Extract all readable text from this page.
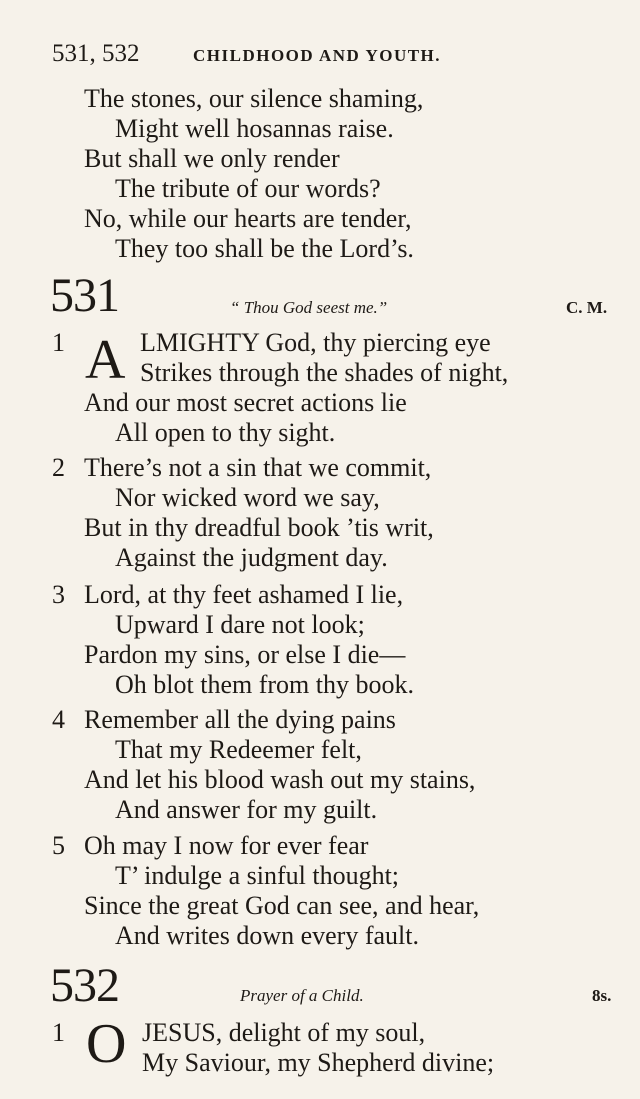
531, 532	CHILDHOOD AND YOUTH.
The stones, our silence shaming,
Might well hosannas raise.
But shall we only render
The tribute of our words?
No, while our hearts are tender,
They too shall be the Lord’s.
531	“ Thou God seest me.”	C. M.
1 A LMIGHTY God, thy piercing eye
Strikes through the shades of night,
And our most secret actions lie
All open to thy sight.
2 There’s not a sin that we commit,
Nor wicked word we say,
But in thy dreadful book ’tis writ,
Against the judgment day.
3 Lord, at thy feet ashamed I lie,
Upward I dare not look;
Pardon my sins, or else I die—
Oh blot them from thy book.
4 Remember all the dying pains
That my Redeemer felt,
And let his blood wash out my stains,
And answer for my guilt.
5 Oh may I now for ever fear
T’ indulge a sinful thought;
Since the great God can see, and hear,
And writes down every fault.
532	Prayer of a Child.	8s.
1 O JESUS, delight of my soul,
My Saviour, my Shepherd divine;
